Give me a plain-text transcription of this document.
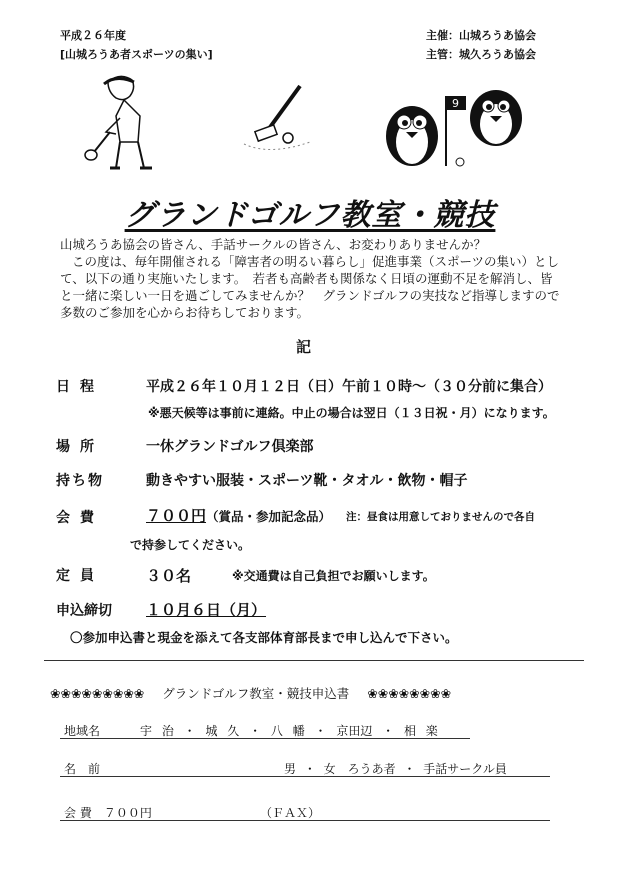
平成２６年度
[山城ろうあ者スポーツの集い]
主催：山城ろうあ協会
主管：城久ろうあ協会
9
グランドゴルフ教室・競技
山城ろうあ協会の皆さん、手話サークルの皆さん、お変わりありませんか？
この度は、毎年開催される「障害者の明るい暮らし」促進事業（スポーツの集い）とし
て、以下の通り実施いたします。　若者も高齢者も関係なく日頃の運動不足を解消し、皆
と一緒に楽しい一日を過ごしてみませんか？　グランドゴルフの実技など指導しますので
多数のご参加を心からお待ちしております。
記
日程	平成２６年１０月１２日（日）午前１０時～（３０分前に集合）
※悪天候等は事前に連絡。中止の場合は翌日（１３日祝・月）になります。
場所	一休グランドゴルフ倶楽部
持ち物	動きやすい服装・スポーツ靴・タオル・飲物・帽子
会費	７００円 （賞品・参加記念品） 注：昼食は用意しておりませんので各自
で持参してください。
定員	３０名	※交通費は自己負担でお願いします。
申込締切 １０月６日（月）
〇参加申込書と現金を添えて各支部体育部長まで申し込んで下さい。
❀❀❀❀❀❀❀❀❀ グランドゴルフ教室・競技申込書 ❀❀❀❀❀❀❀❀
地域名	宇 治 ・ 城 久 ・ 八 幡 ・ 京田辺 ・ 相 楽
名　前	男 ・ 女　ろうあ者 ・ 手話サークル員
会 費　７００円	（ＦＡＸ）
